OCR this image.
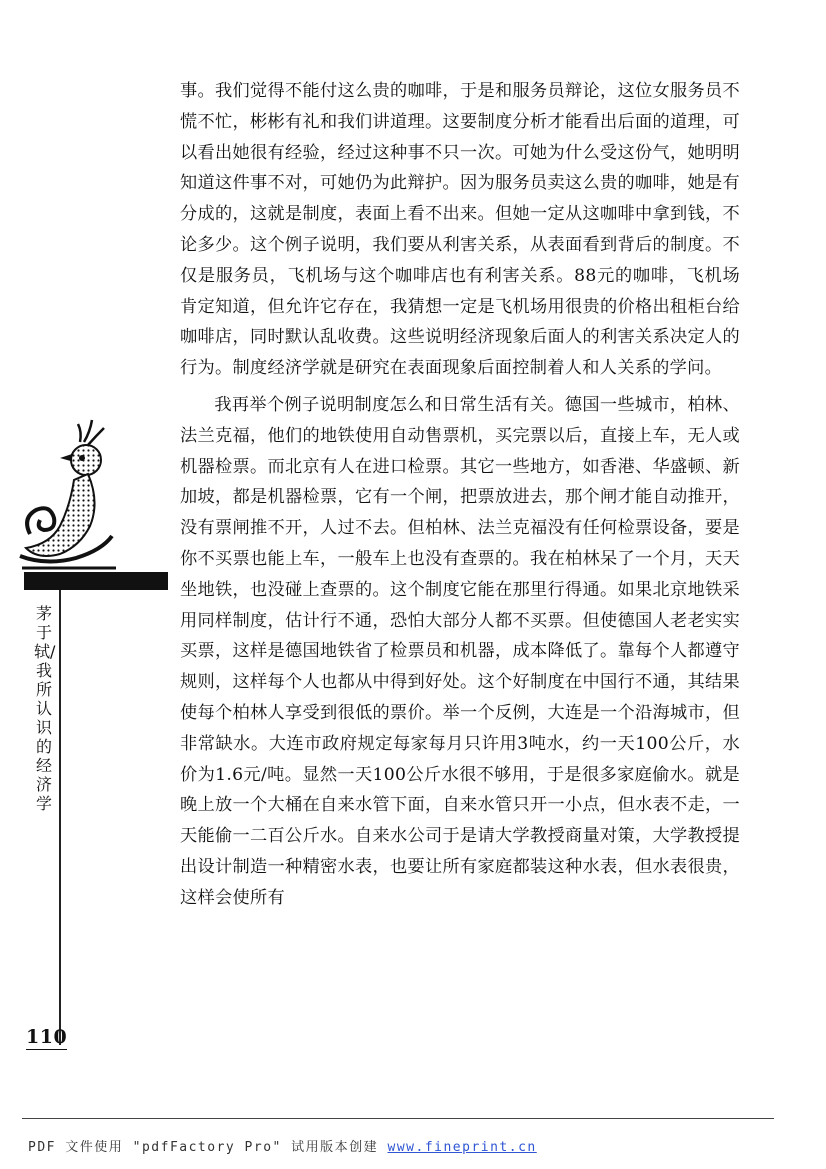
事。我们觉得不能付这么贵的咖啡，于是和服务员辩论，这位女服务员不慌不忙，彬彬有礼和我们讲道理。这要制度分析才能看出后面的道理，可以看出她很有经验，经过这种事不只一次。可她为什么受这份气，她明明知道这件事不对，可她仍为此辩护。因为服务员卖这么贵的咖啡，她是有分成的，这就是制度，表面上看不出来。但她一定从这咖啡中拿到钱，不论多少。这个例子说明，我们要从利害关系，从表面看到背后的制度。不仅是服务员，飞机场与这个咖啡店也有利害关系。88元的咖啡，飞机场肯定知道，但允许它存在，我猜想一定是飞机场用很贵的价格出租柜台给咖啡店，同时默认乱收费。这些说明经济现象后面人的利害关系决定人的行为。制度经济学就是研究在表面现象后面控制着人和人关系的学问。

我再举个例子说明制度怎么和日常生活有关。德国一些城市，柏林、法兰克福，他们的地铁使用自动售票机，买完票以后，直接上车，无人或机器检票。而北京有人在进口检票。其它一些地方，如香港、华盛顿、新加坡，都是机器检票，它有一个闸，把票放进去，那个闸才能自动推开，没有票闸推不开，人过不去。但柏林、法兰克福没有任何检票设备，要是你不买票也能上车，一般车上也没有查票的。我在柏林呆了一个月，天天坐地铁，也没碰上查票的。这个制度它能在那里行得通。如果北京地铁采用同样制度，估计行不通，恐怕大部分人都不买票。但使德国人老老实实买票，这样是德国地铁省了检票员和机器，成本降低了。靠每个人都遵守规则，这样每个人也都从中得到好处。这个好制度在中国行不通，其结果使每个柏林人享受到很低的票价。举一个反例，大连是一个沿海城市，但非常缺水。大连市政府规定每家每月只许用3吨水，约一天100公斤，水价为1.6元/吨。显然一天100公斤水很不够用，于是很多家庭偷水。就是晚上放一个大桶在自来水管下面，自来水管只开一小点，但水表不走，一天能偷一二百公斤水。自来水公司于是请大学教授商量对策，大学教授提出设计制造一种精密水表，也要让所有家庭都装这种水表，但水表很贵，这样会使所有

茅于轼/我所认识的经济学
110
PDF 文件使用 "pdfFactory Pro" 试用版本创建 www.fineprint.cn
